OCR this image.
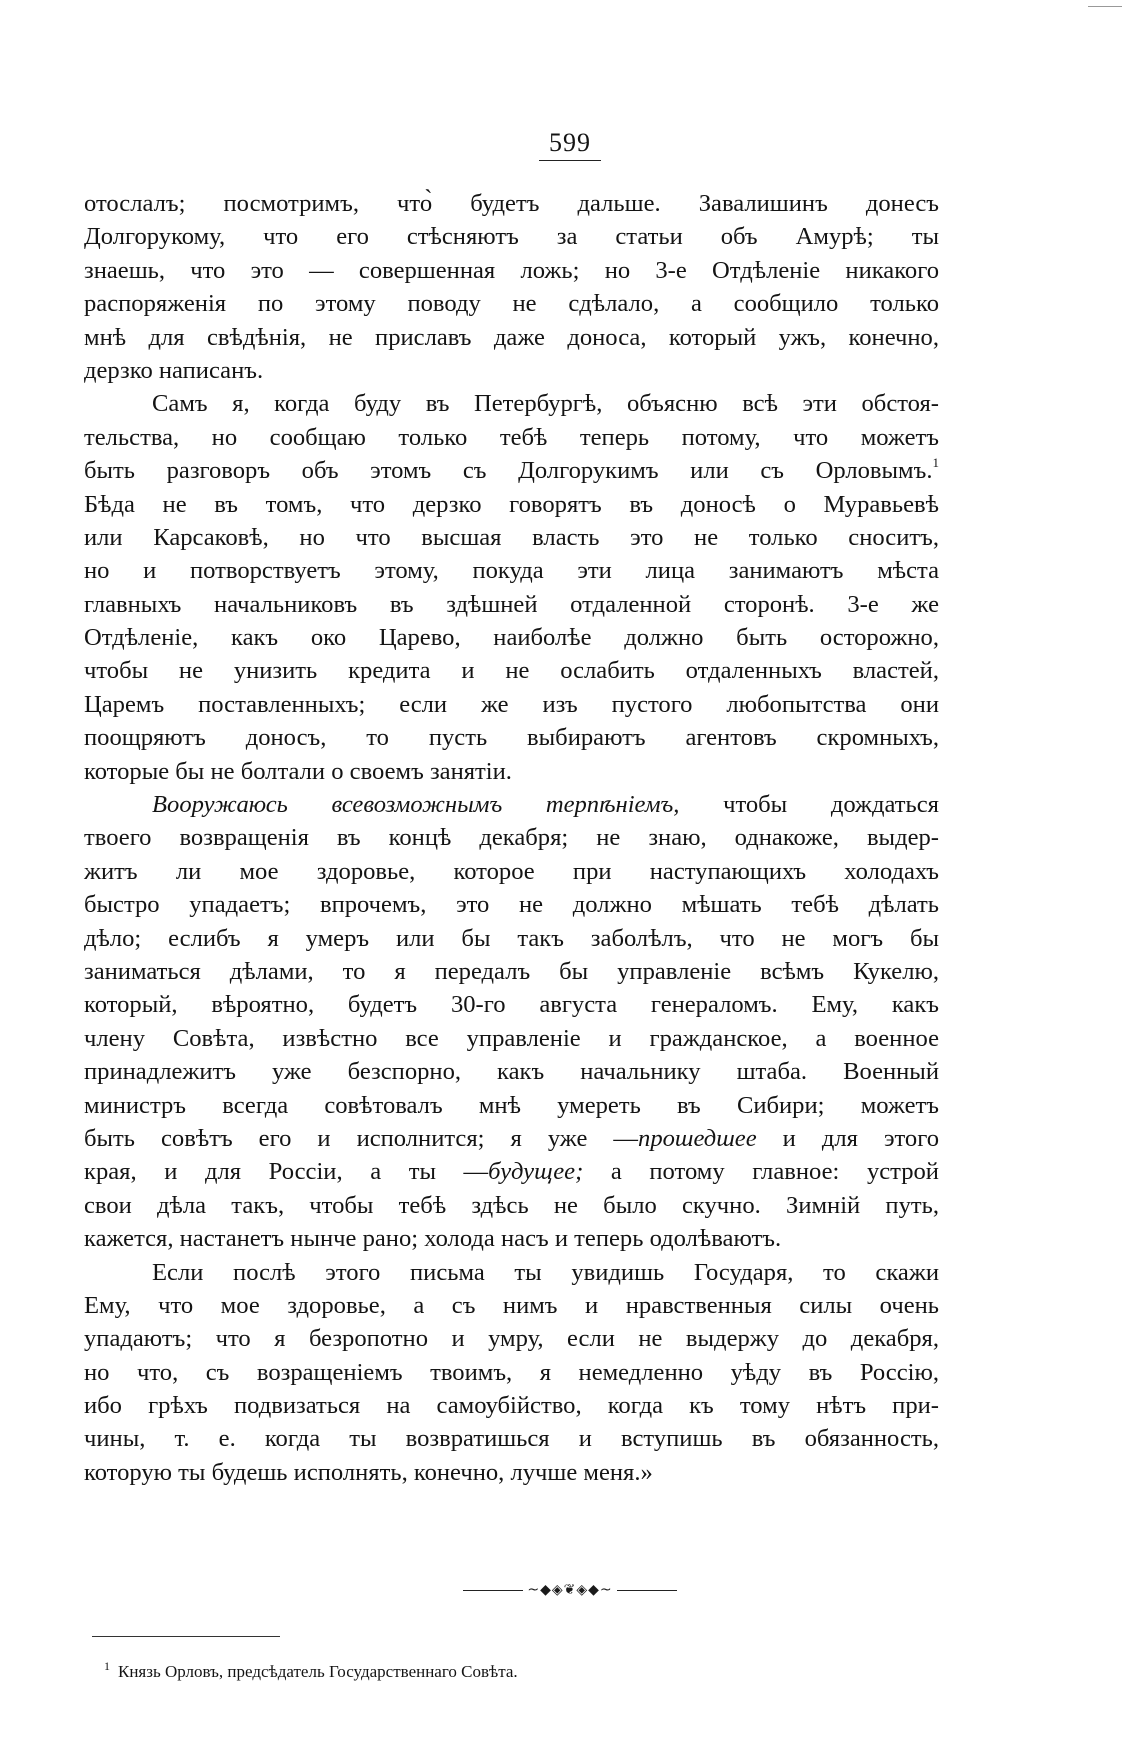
599
отослалъ; посмотримъ, что̀ будетъ дальше. Завалишинъ донесъ
Долгорукому, что его стѣсняютъ за статьи объ Амурѣ; ты
знаешь, что это — совершенная ложь; но 3-е Отдѣленіе никакого
распоряженія по этому поводу не сдѣлало, а сообщило только
мнѣ для свѣдѣнія, не приславъ даже доноса, который ужъ, конечно,
дерзко написанъ.
Самъ я, когда буду въ Петербургѣ, объясню всѣ эти обстоя-
тельства, но сообщаю только тебѣ теперь потому, что можетъ
быть разговоръ объ этомъ съ Долгорукимъ или съ Орловымъ.$^1$
Бѣда не въ томъ, что дерзко говорятъ въ доносѣ о Муравьевѣ
или Карсаковѣ, но что высшая власть это не только сноситъ,
но и потворствуетъ этому, покуда эти лица занимаютъ мѣста
главныхъ начальниковъ въ здѣшней отдаленной сторонѣ. 3-е же
Отдѣленіе, какъ око Царево, наиболѣе должно быть осторожно,
чтобы не унизить кредита и не ослабить отдаленныхъ властей,
Царемъ поставленныхъ; если же изъ пустого любопытства они
поощряютъ доносъ, то пусть выбираютъ агентовъ скромныхъ,
которые бы не болтали о своемъ занятіи.
Вооружаюсь всевозможнымъ терпѣніемъ, чтобы дождаться
твоего возвращенія въ концѣ декабря; не знаю, однакоже, выдер-
житъ ли мое здоровье, которое при наступающихъ холодахъ
быстро упадаетъ; впрочемъ, это не должно мѣшать тебѣ дѣлать
дѣло; еслибъ я умеръ или бы такъ заболѣлъ, что не могъ бы
заниматься дѣлами, то я передалъ бы управленіе всѣмъ Кукелю,
который, вѣроятно, будетъ 30-го августа генераломъ. Ему, какъ
члену Совѣта, извѣстно все управленіе и гражданское, а военное
принадлежитъ уже безспорно, какъ начальнику штаба. Военный
министръ всегда совѣтовалъ мнѣ умереть въ Сибири; можетъ
быть совѣтъ его и исполнится; я уже —прошедшее и для этого
края, и для Россіи, а ты —будущее; а потому главное: устрой
свои дѣла такъ, чтобы тебѣ здѣсь не было скучно. Зимній путь,
кажется, настанетъ нынче рано; холода насъ и теперь одолѣваютъ.
Если послѣ этого письма ты увидишь Государя, то скажи
Ему, что мое здоровье, а съ нимъ и нравственныя силы очень
упадаютъ; что я безропотно и умру, если не выдержу до декабря,
но что, съ возращеніемъ твоимъ, я немедленно уѣду въ Россію,
ибо грѣхъ подвизаться на самоубійство, когда къ тому нѣтъ при-
чины, т. е. когда ты возвратишься и вступишь въ обязанность,
которую ты будешь исполнять, конечно, лучше меня.»
~◆◈❦◈◆~
$^1$ Князь Орловъ, предсѣдатель Государственнаго Совѣта.
